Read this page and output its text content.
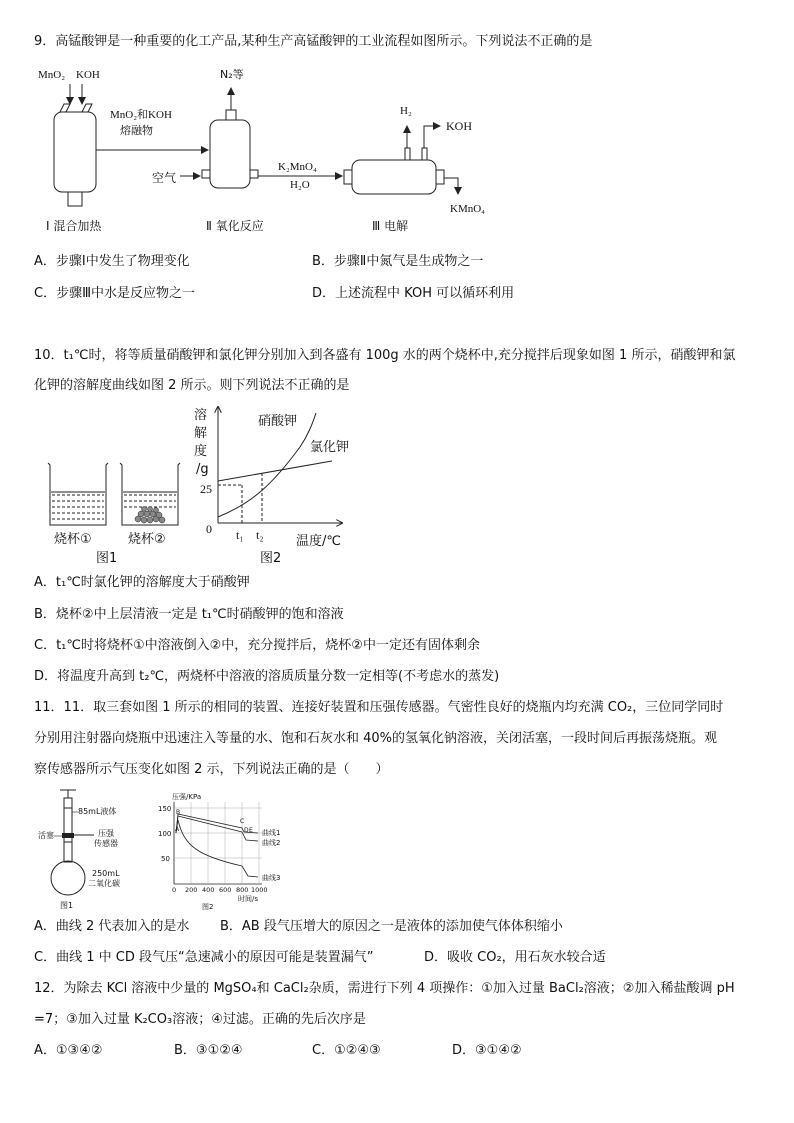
9．高锰酸钾是一种重要的化工产品,某种生产高锰酸钾的工业流程如图所示。下列说法不正确的是
MnO₂ KOH
MnO₂和KOH
熔融物
N₂等
空气
K₂MnO₄
H₂O
H₂
KOH
KMnO₄
I 混合加热	Ⅱ 氧化反应	Ⅲ 电解
A．步骤Ⅰ中发生了物理变化	B．步骤Ⅱ中氮气是生成物之一
C．步骤Ⅲ中水是反应物之一	D．上述流程中 KOH 可以循环利用
10．t₁℃时，将等质量硝酸钾和氯化钾分别加入到各盛有 100g 水的两个烧杯中,充分搅拌后现象如图 1 所示，硝酸钾和氯
化钾的溶解度曲线如图 2 所示。则下列说法不正确的是
烧杯①	烧杯②
图1
溶
解
度
/g
硝酸钾
氯化钾
25
0 t₁ t₂ 温度/℃
图2
A．t₁℃时氯化钾的溶解度大于硝酸钾
B．烧杯②中上层清液一定是 t₁℃时硝酸钾的饱和溶液
C．t₁℃时将烧杯①中溶液倒入②中，充分搅拌后，烧杯②中一定还有固体剩余
D．将温度升高到 t₂℃，两烧杯中溶液的溶质质量分数一定相等(不考虑水的蒸发)
11．11．取三套如图 1 所示的相同的装置、连接好装置和压强传感器。气密性良好的烧瓶内均充满 CO₂，三位同学同时
分别用注射器向烧瓶中迅速注入等量的水、饱和石灰水和 40%的氢氧化钠溶液，关闭活塞，一段时间后再振荡烧瓶。观
察传感器所示气压变化如图 2 示，下列说法正确的是（　　）
85mL液体
活塞	压强
传感器
250mL
二氧化碳
图1
压强/KPa
150
100
50
A
B
C
D E 曲线1
曲线2
曲线3
0 200 400 600 800 1000
时间/s
图2
A．曲线 2 代表加入的是水 B．AB 段气压增大的原因之一是液体的添加使气体体积缩小
C．曲线 1 中 CD 段气压“急速减小的原因可能是装置漏气”	D．吸收 CO₂，用石灰水较合适
12．为除去 KCl 溶液中少量的 MgSO₄和 CaCl₂杂质，需进行下列 4 项操作：①加入过量 BaCl₂溶液；②加入稀盐酸调 pH
=7；③加入过量 K₂CO₃溶液；④过滤。正确的先后次序是
A．①③④②	B．③①②④	C．①②④③	D．③①④②
